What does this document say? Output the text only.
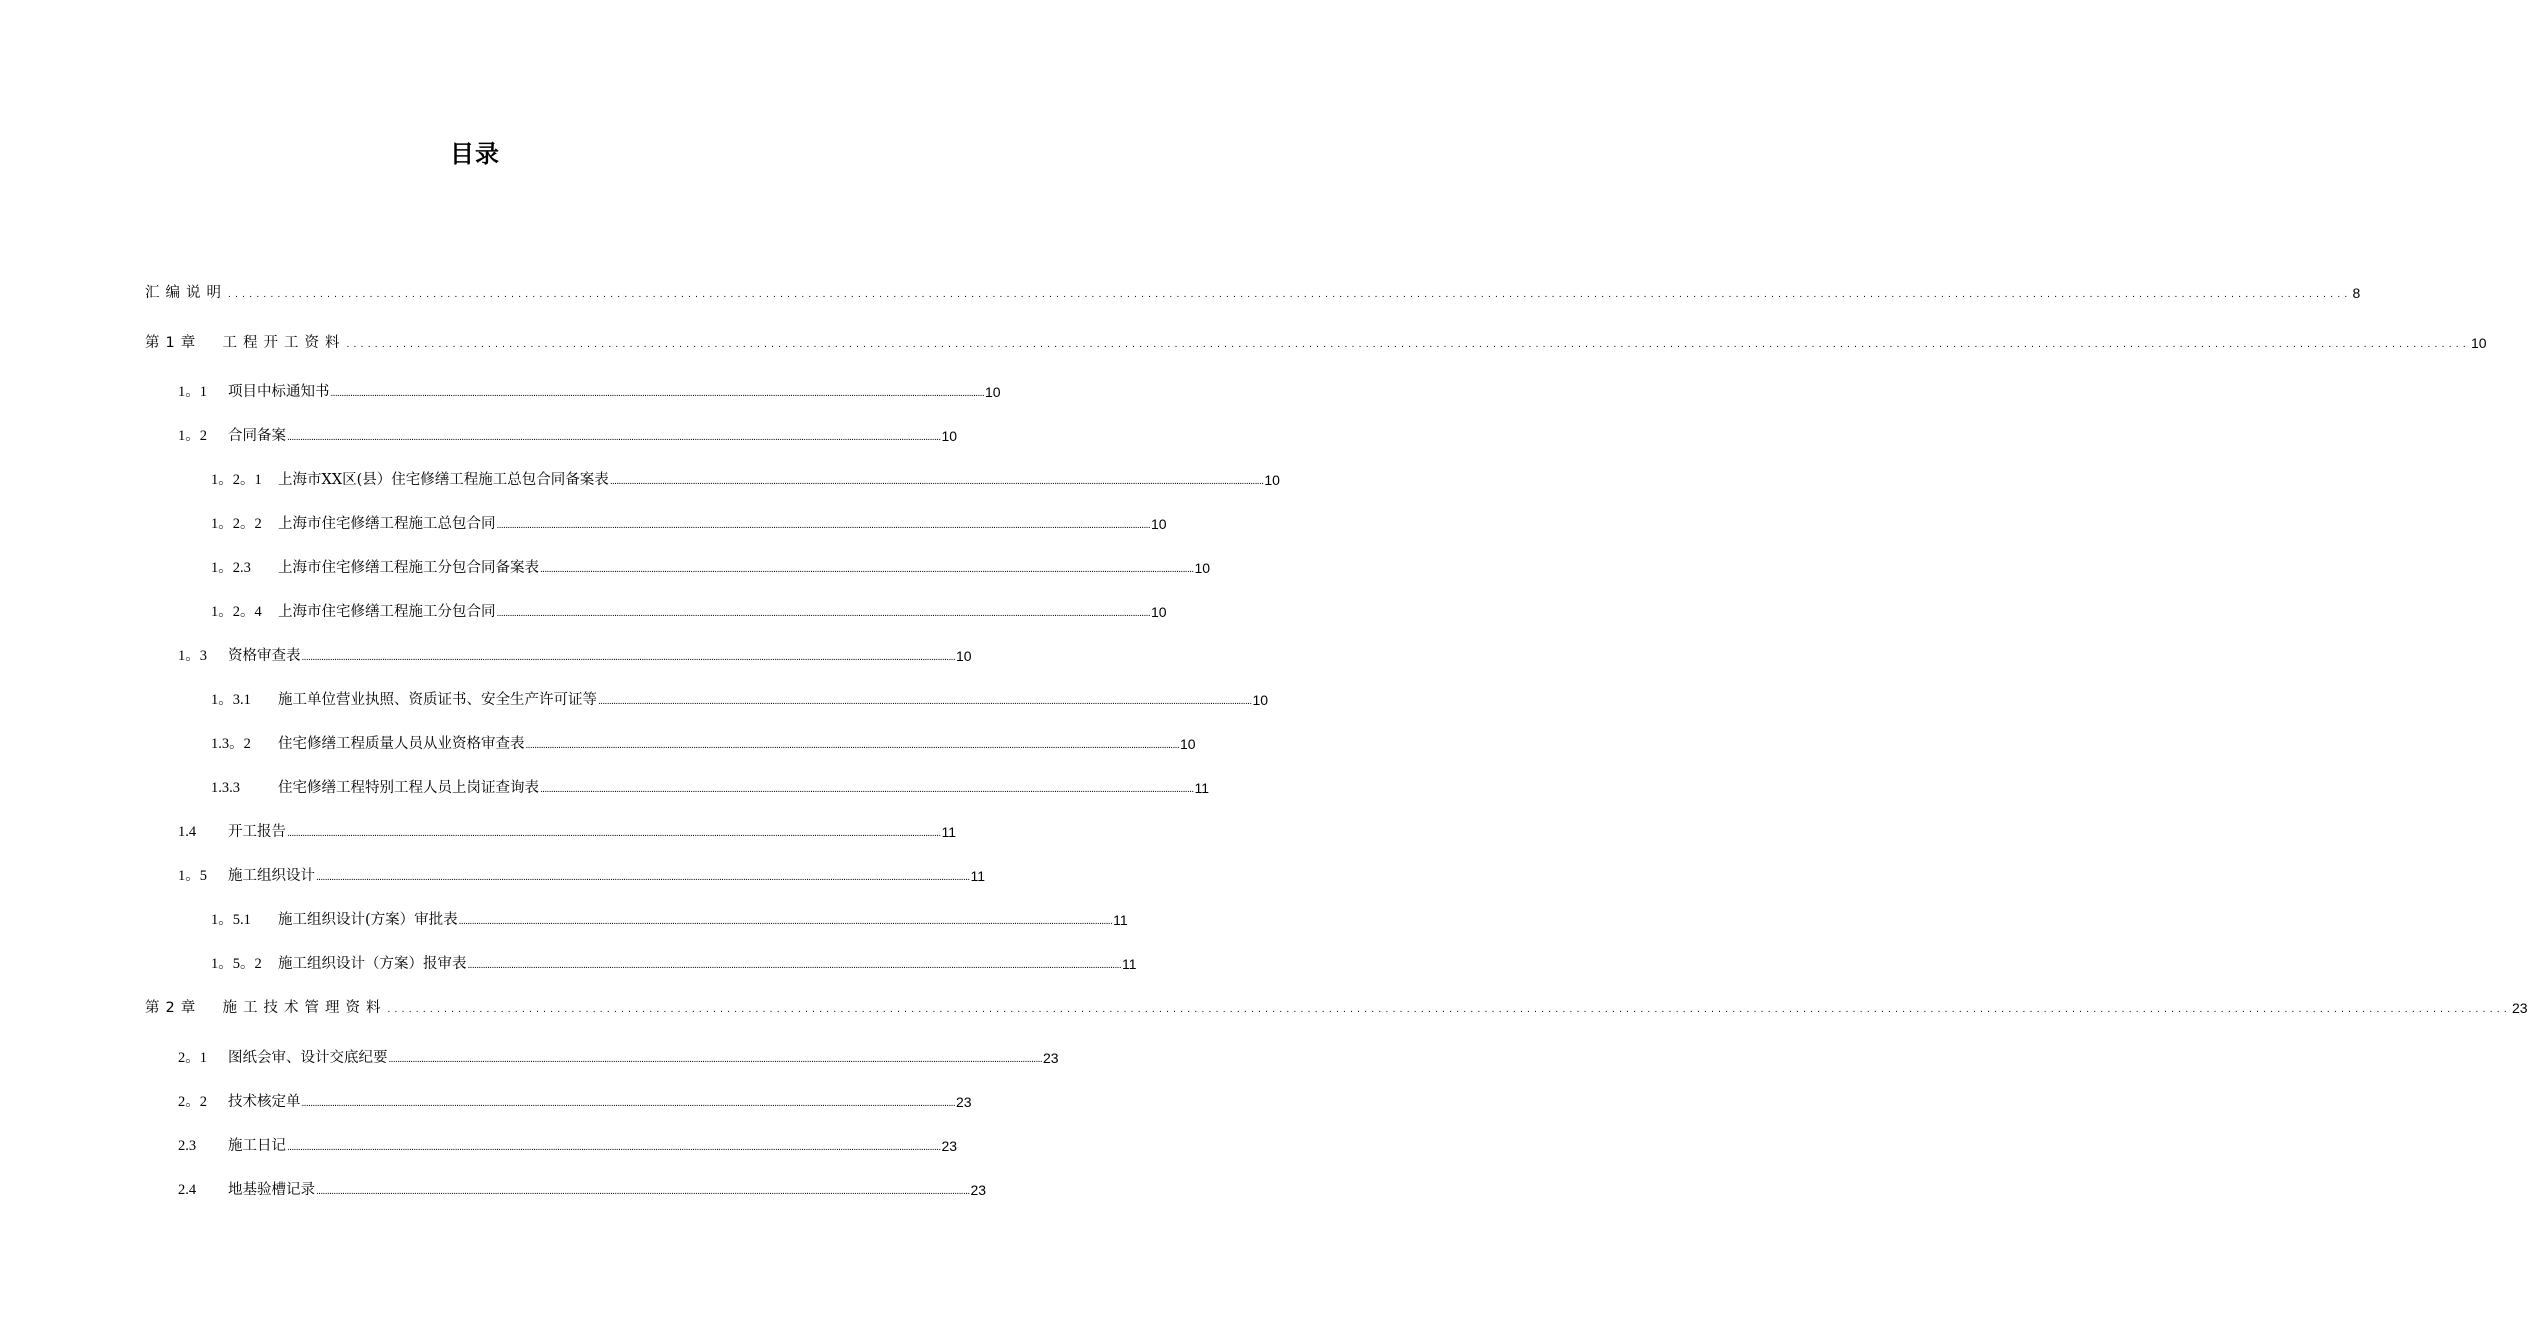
目录
汇编说明 ............................................................................................................................................................................................................................................................................................................ 8
第1章  工程开工资料 ............................................................................................................................................................................................................................................................................................................ 10
1。1	项目中标通知书 ............................................................................................................................................................................................................................................................................................................ 10
1。2	合同备案 ............................................................................................................................................................................................................................................................................................................ 10
1。2。1	上海市XX区(县）住宅修缮工程施工总包合同备案表 ............................................................................................................................................................................................................................................................................................................ 10
1。2。2	上海市住宅修缮工程施工总包合同 ............................................................................................................................................................................................................................................................................................................ 10
1。2.3	上海市住宅修缮工程施工分包合同备案表 ............................................................................................................................................................................................................................................................................................................ 10
1。2。4	上海市住宅修缮工程施工分包合同 ............................................................................................................................................................................................................................................................................................................ 10
1。3	资格审查表 ............................................................................................................................................................................................................................................................................................................ 10
1。3.1	施工单位营业执照、资质证书、安全生产许可证等 ............................................................................................................................................................................................................................................................................................................ 10
1.3。2	住宅修缮工程质量人员从业资格审查表 ............................................................................................................................................................................................................................................................................................................ 10
1.3.3	住宅修缮工程特别工程人员上岗证查询表 ............................................................................................................................................................................................................................................................................................................ 11
1.4	开工报告 ............................................................................................................................................................................................................................................................................................................ 11
1。5	施工组织设计 ............................................................................................................................................................................................................................................................................................................ 11
1。5.1	施工组织设计(方案）审批表 ............................................................................................................................................................................................................................................................................................................ 11
1。5。2	施工组织设计（方案）报审表 ............................................................................................................................................................................................................................................................................................................ 11
第2章  施工技术管理资料 ............................................................................................................................................................................................................................................................................................................ 23
2。1	图纸会审、设计交底纪要 ............................................................................................................................................................................................................................................................................................................ 23
2。2	技术核定单 ............................................................................................................................................................................................................................................................................................................ 23
2.3	施工日记 ............................................................................................................................................................................................................................................................................................................ 23
2.4	地基验槽记录 ............................................................................................................................................................................................................................................................................................................ 23
